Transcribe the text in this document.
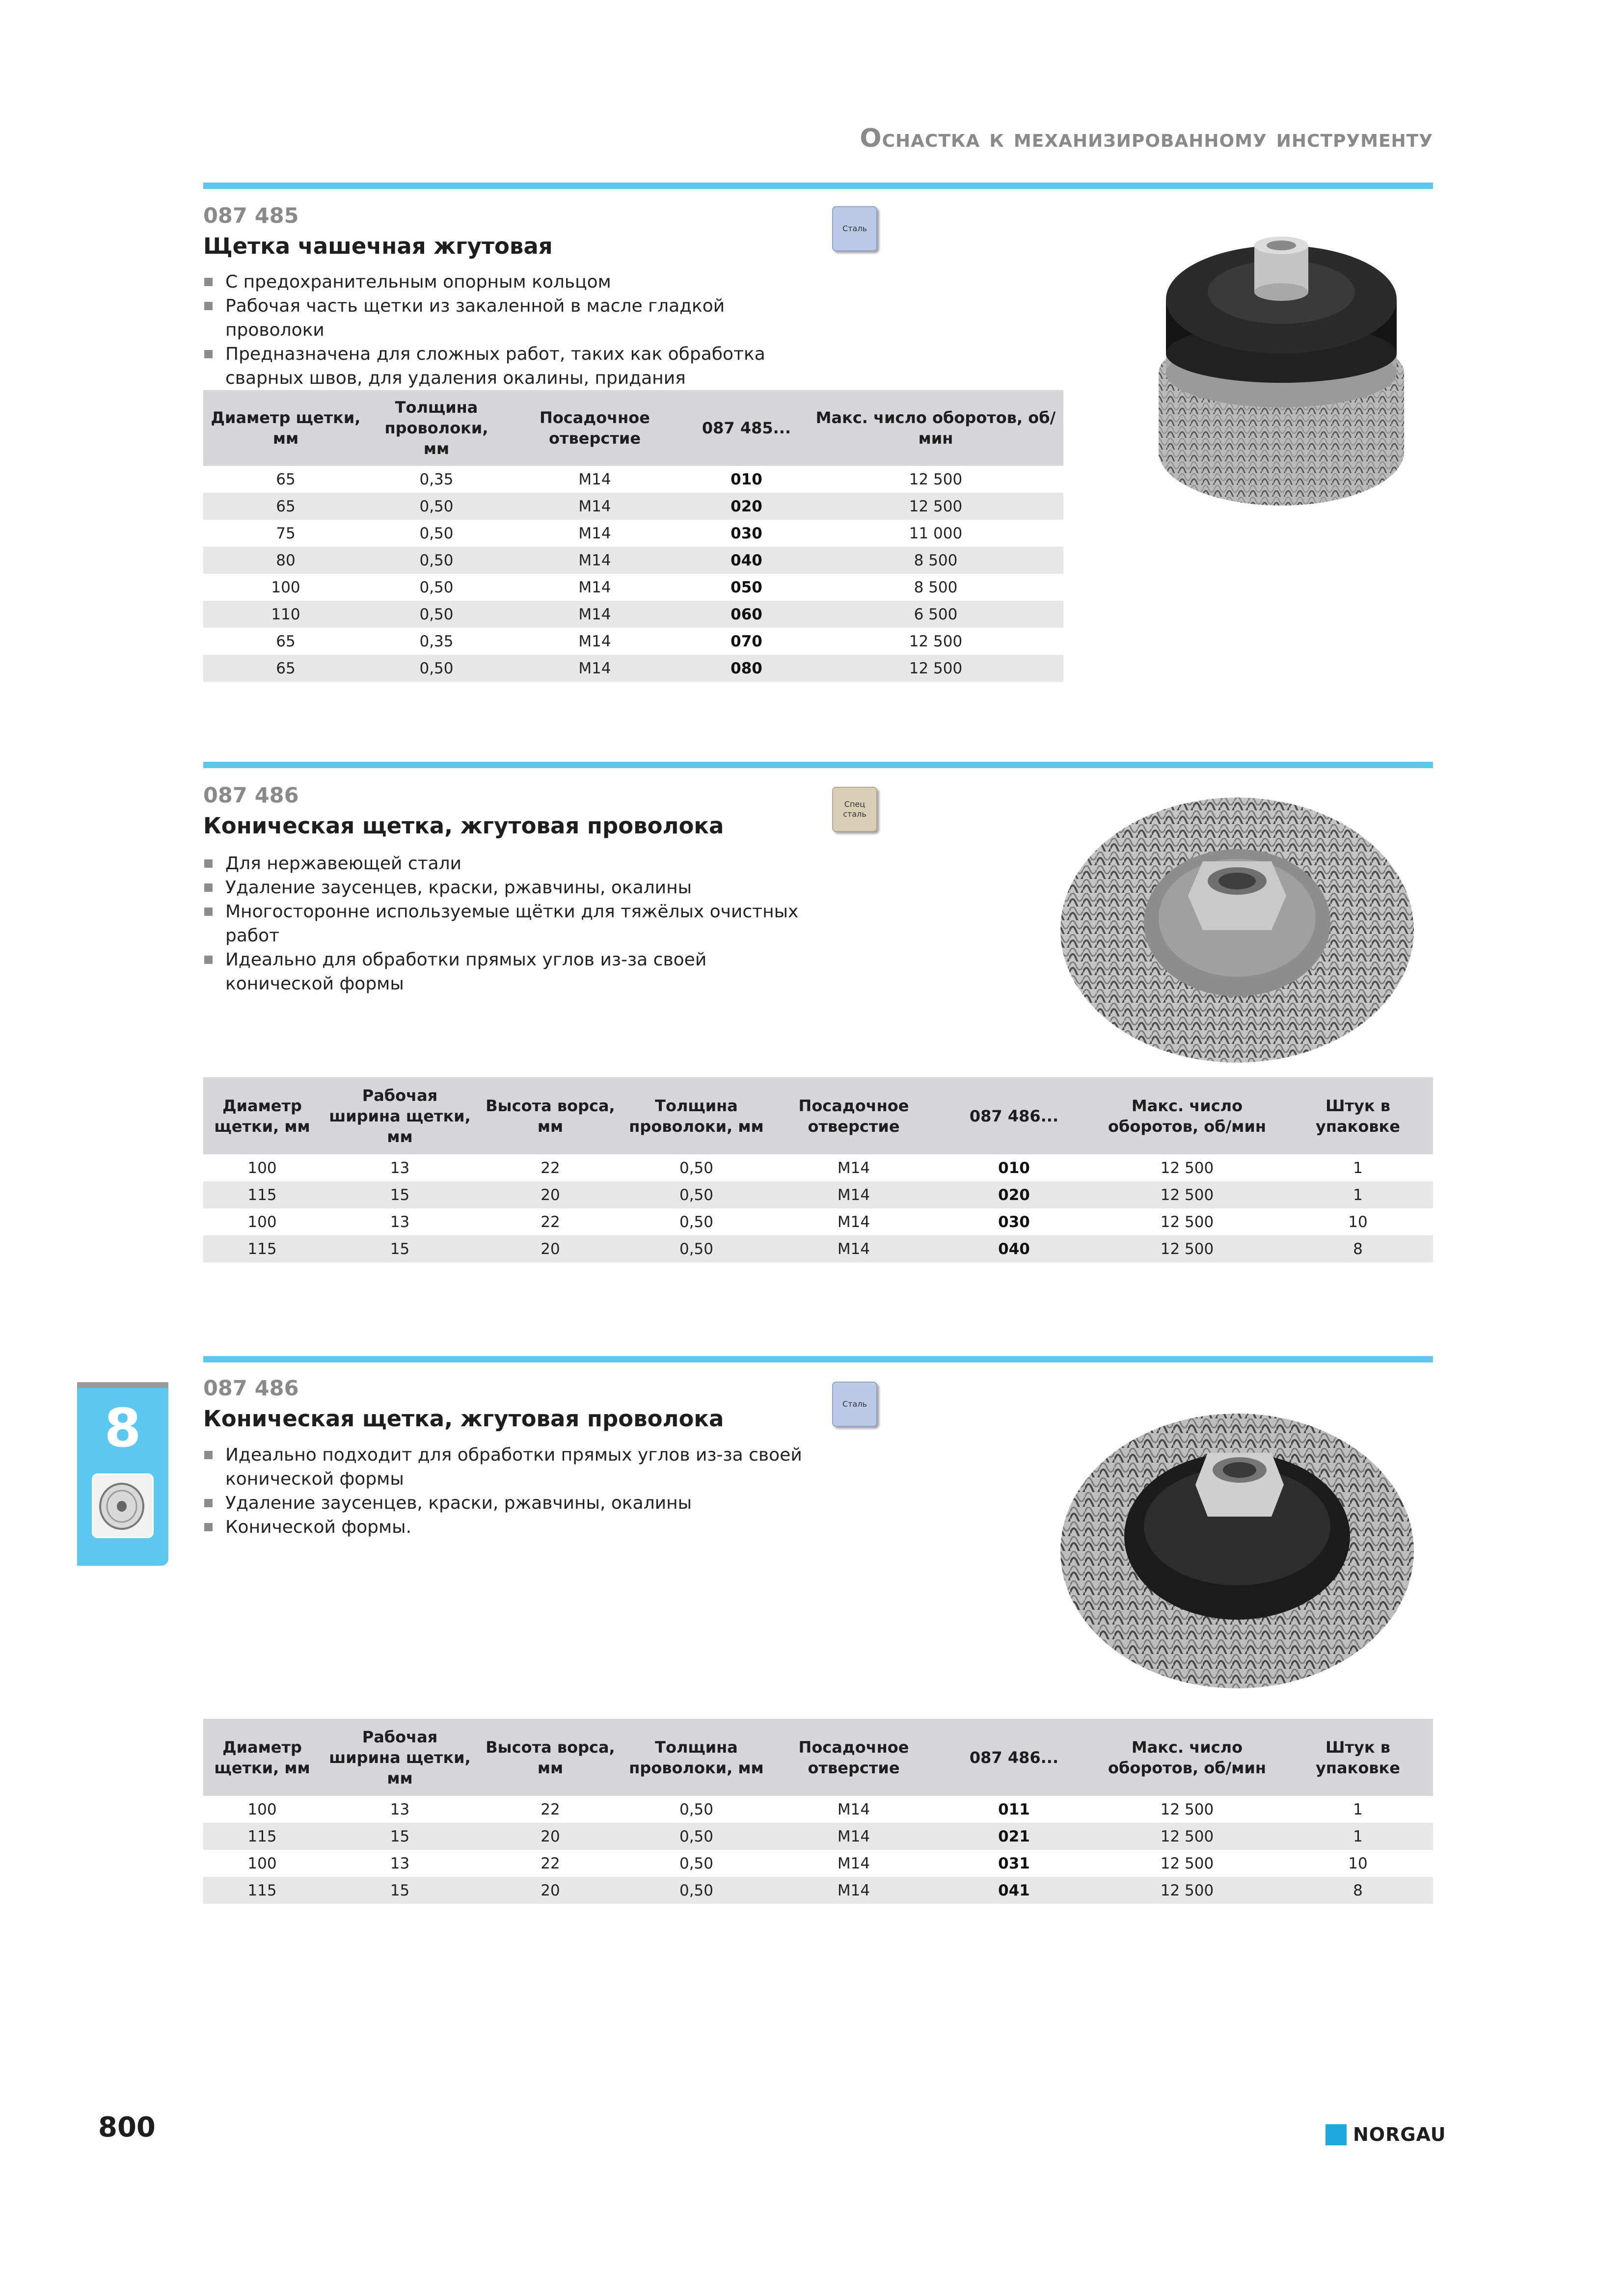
Оснастка к механизированному инструменту
087 485
Щетка чашечная жгутовая
Сталь
С предохранительным опорным кольцом
Рабочая часть щетки из закаленной в масле гладкой проволоки
Предназначена для сложных работ, таких как обработка сварных швов, для удаления окалины, придания
Диаметр щетки, мм	Толщина проволоки, мм	Посадочное отверстие	087 485...	Макс. число оборотов, об/мин
65	0,35	M14	010	12 500
65	0,50	M14	020	12 500
75	0,50	M14	030	11 000
80	0,50	M14	040	8 500
100	0,50	M14	050	8 500
110	0,50	M14	060	6 500
65	0,35	M14	070	12 500
65	0,50	M14	080	12 500
087 486
Коническая щетка, жгутовая проволока
Спец
сталь
Для нержавеющей стали
Удаление заусенцев, краски, ржавчины, окалины
Многосторонне используемые щётки для тяжёлых очистных работ
Идеально для обработки прямых углов из-за своей конической формы
Диаметр щетки, мм	Рабочая ширина щетки, мм	Высота ворса, мм	Толщина проволоки, мм	Посадочное отверстие	087 486...	Макс. число оборотов, об/мин	Штук в упаковке
100	13	22	0,50	M14	010	12 500	1
115	15	20	0,50	M14	020	12 500	1
100	13	22	0,50	M14	030	12 500	10
115	15	20	0,50	M14	040	12 500	8
087 486
Коническая щетка, жгутовая проволока
Сталь
Идеально подходит для обработки прямых углов из-за своей конической формы
Удаление заусенцев, краски, ржавчины, окалины
Конической формы.
Диаметр щетки, мм	Рабочая ширина щетки, мм	Высота ворса, мм	Толщина проволоки, мм	Посадочное отверстие	087 486...	Макс. число оборотов, об/мин	Штук в упаковке
100	13	22	0,50	M14	011	12 500	1
115	15	20	0,50	M14	021	12 500	1
100	13	22	0,50	M14	031	12 500	10
115	15	20	0,50	M14	041	12 500	8
8
800	NORGAU
